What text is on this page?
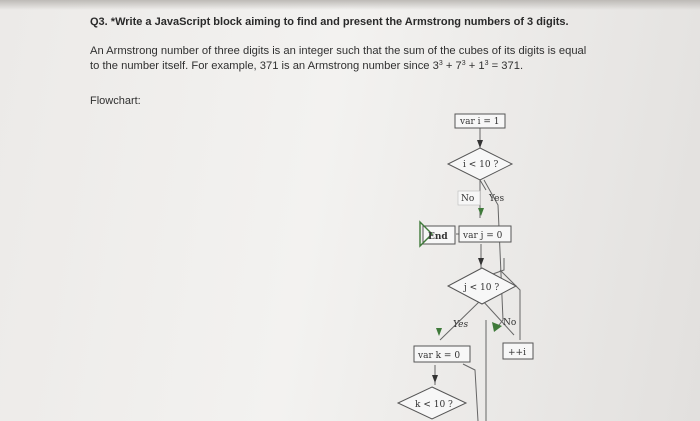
Q3. *Write a JavaScript block aiming to find and present the Armstrong numbers of 3 digits.
An Armstrong number of three digits is an integer such that the sum of the cubes of its digits is equal
to the number itself. For example, 371 is an Armstrong number since $3^3 + 7^3 + 1^3 = 371$.
Flowchart:
var i = 1
i < 10 ?
No Yes
End var j = 0
j < 10 ?
Yes	No
var k = 0	++i
k < 10 ?
